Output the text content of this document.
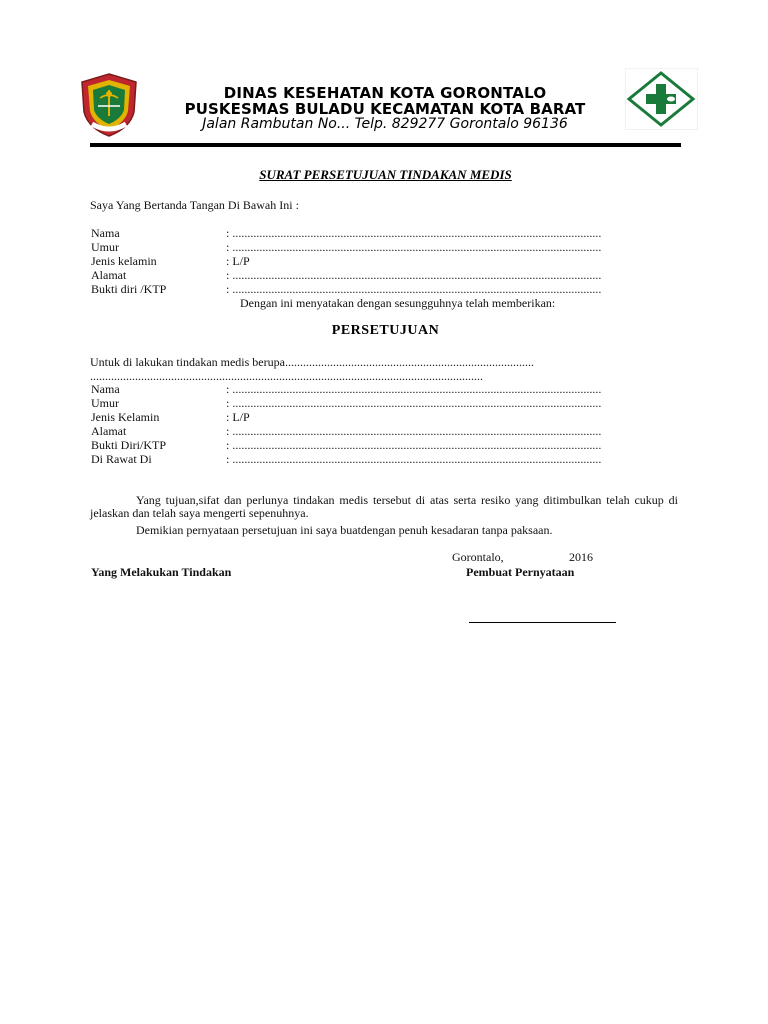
DINAS KESEHATAN KOTA GORONTALO
PUSKESMAS BULADU KECAMATAN KOTA BARAT
Jalan Rambutan No... Telp. 829277 Gorontalo 96136
SURAT PERSETUJUAN TINDAKAN MEDIS
Saya Yang Bertanda Tangan Di Bawah Ini :
Nama	: ...........................................................................................................................
Umur	: ...........................................................................................................................
Jenis kelamin	: L/P
Alamat	: ...........................................................................................................................
Bukti diri /KTP	: ...........................................................................................................................
Dengan ini menyatakan dengan sesungguhnya telah memberikan:
PERSETUJUAN
Untuk di lakukan tindakan medis berupa...................................................................................
...................................................................................................................................
Nama	: ...........................................................................................................................
Umur	: ...........................................................................................................................
Jenis Kelamin	: L/P
Alamat	: ...........................................................................................................................
Bukti Diri/KTP	: ...........................................................................................................................
Di Rawat Di	: ...........................................................................................................................
Yang tujuan,sifat dan perlunya tindakan medis tersebut di atas serta resiko yang ditimbulkan telah cukup di jelaskan dan telah saya mengerti sepenuhnya.
Demikian pernyataan persetujuan ini saya buatdengan penuh kesadaran tanpa paksaan.
Gorontalo,	2016
Yang Melakukan Tindakan	Pembuat Pernyataan
